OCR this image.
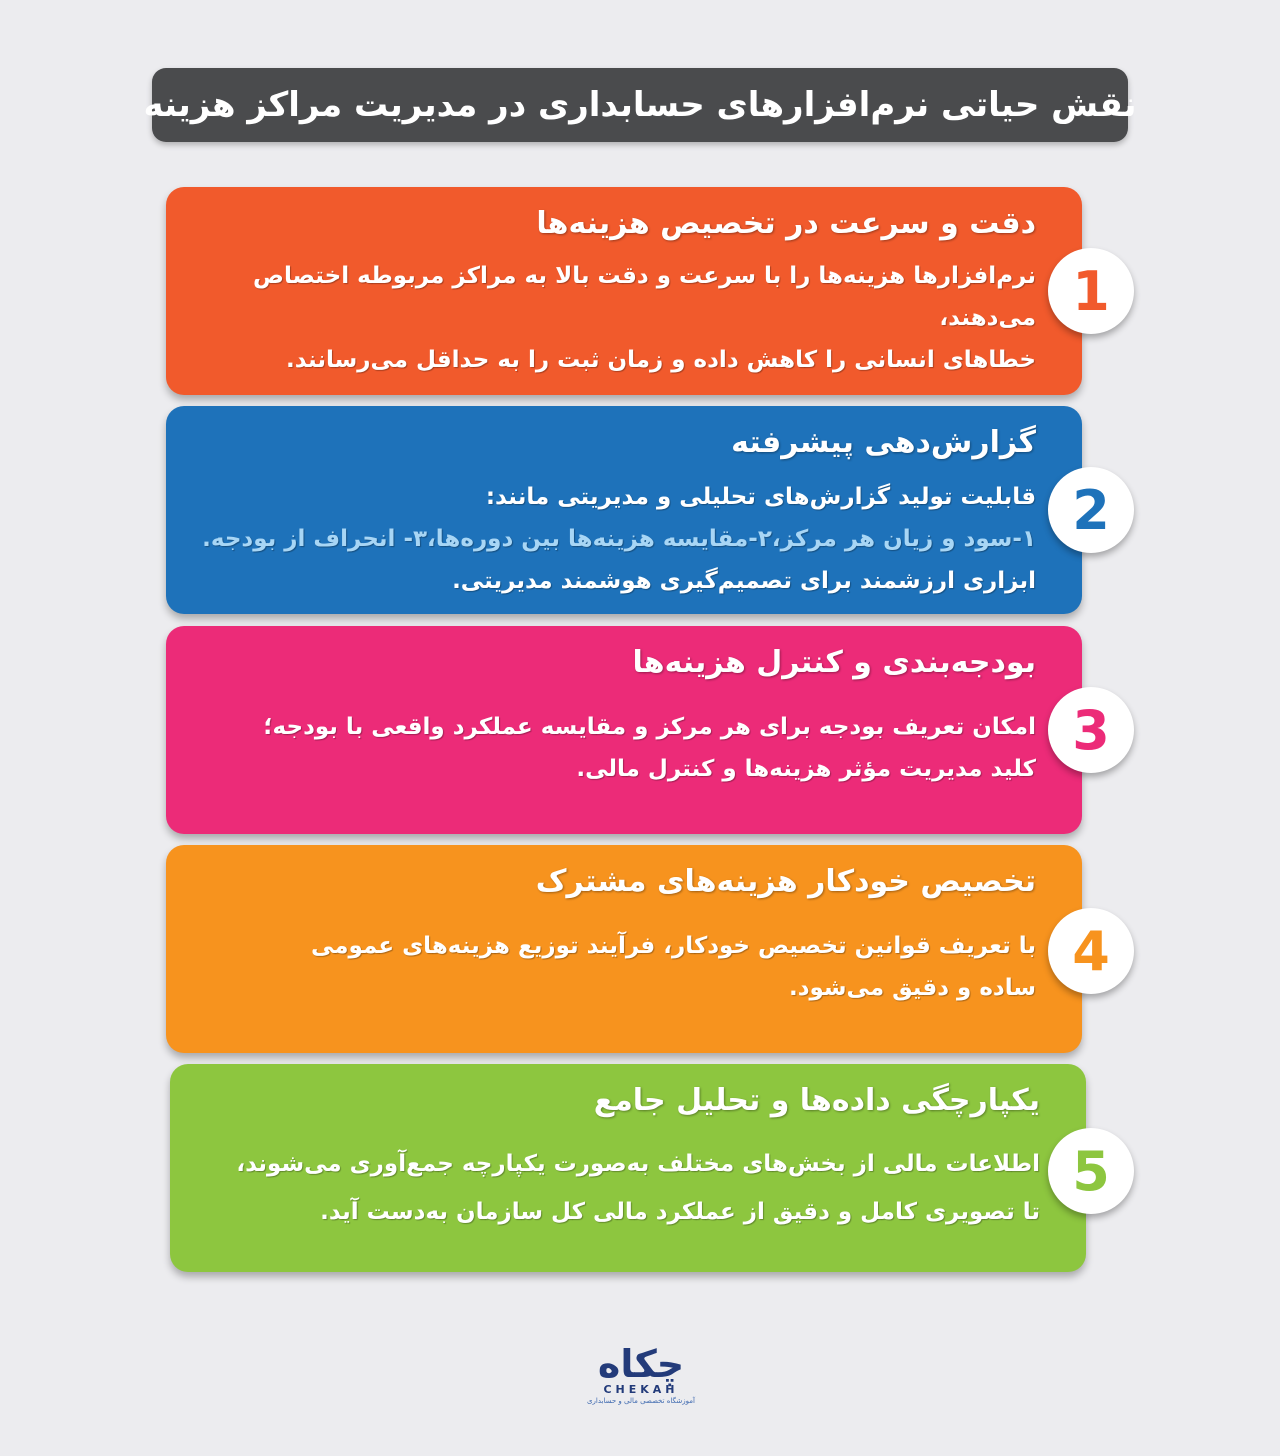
نقش حیاتی نرم‌افزارهای حسابداری در مدیریت مراکز هزینه
دقت و سرعت در تخصیص هزینه‌ها

نرم‌افزارها هزینه‌ها را با سرعت و دقت بالا به مراکز مربوطه اختصاص

می‌دهند،

خطاهای انسانی را کاهش داده و زمان ثبت را به حداقل می‌رسانند.

1
گزارش‌دهی پیشرفته

قابلیت تولید گزارش‌های تحلیلی و مدیریتی مانند:

۱-سود و زیان هر مرکز،۲-مقایسه هزینه‌ها بین دوره‌ها،۳- انحراف از بودجه.

ابزاری ارزشمند برای تصمیم‌گیری هوشمند مدیریتی.

2
بودجه‌بندی و کنترل هزینه‌ها

امکان تعریف بودجه برای هر مرکز و مقایسه عملکرد واقعی با بودجه؛

کلید مدیریت مؤثر هزینه‌ها و کنترل مالی.

3
تخصیص خودکار هزینه‌های مشترک

با تعریف قوانین تخصیص خودکار، فرآیند توزیع هزینه‌های عمومی

ساده و دقیق می‌شود.

4
یکپارچگی داده‌ها و تحلیل جامع

اطلاعات مالی از بخش‌های مختلف به‌صورت یکپارچه جمع‌آوری می‌شوند،

تا تصویری کامل و دقیق از عملکرد مالی کل سازمان به‌دست آید.

5
چکاه
CHEKAH
آموزشگاه تخصصی مالی و حسابداری
